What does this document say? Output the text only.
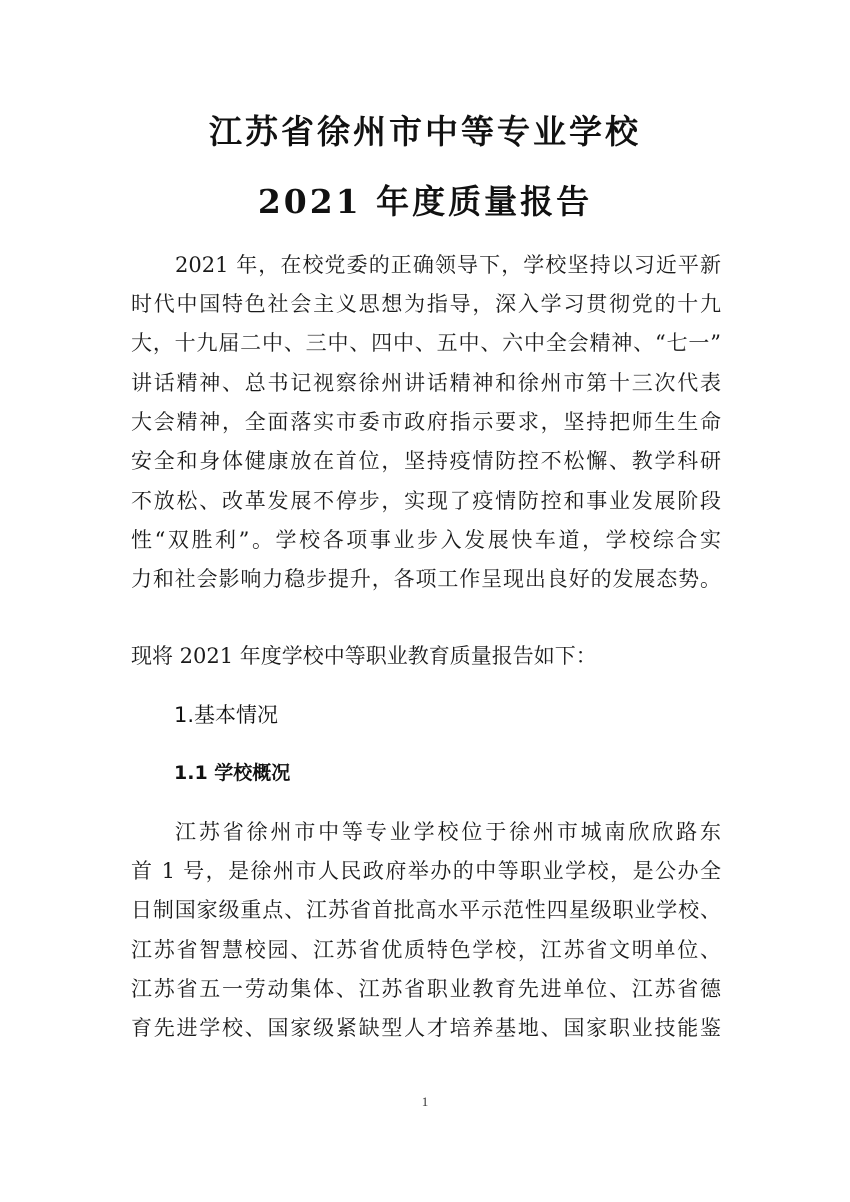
江苏省徐州市中等专业学校
2021 年度质量报告
2021 年，在校党委的正确领导下，学校坚持以习近平新
时代中国特色社会主义思想为指导，深入学习贯彻党的十九
大，十九届二中、三中、四中、五中、六中全会精神、“七一”
讲话精神、总书记视察徐州讲话精神和徐州市第十三次代表
大会精神，全面落实市委市政府指示要求，坚持把师生生命
安全和身体健康放在首位，坚持疫情防控不松懈、教学科研
不放松、改革发展不停步，实现了疫情防控和事业发展阶段
性“双胜利”。学校各项事业步入发展快车道，学校综合实
力和社会影响力稳步提升，各项工作呈现出良好的发展态势。
现将 2021 年度学校中等职业教育质量报告如下：
1.基本情况
1.1 学校概况
江苏省徐州市中等专业学校位于徐州市城南欣欣路东
首 1 号，是徐州市人民政府举办的中等职业学校，是公办全
日制国家级重点、江苏省首批高水平示范性四星级职业学校、
江苏省智慧校园、江苏省优质特色学校，江苏省文明单位、
江苏省五一劳动集体、江苏省职业教育先进单位、江苏省德
育先进学校、国家级紧缺型人才培养基地、国家职业技能鉴
1
